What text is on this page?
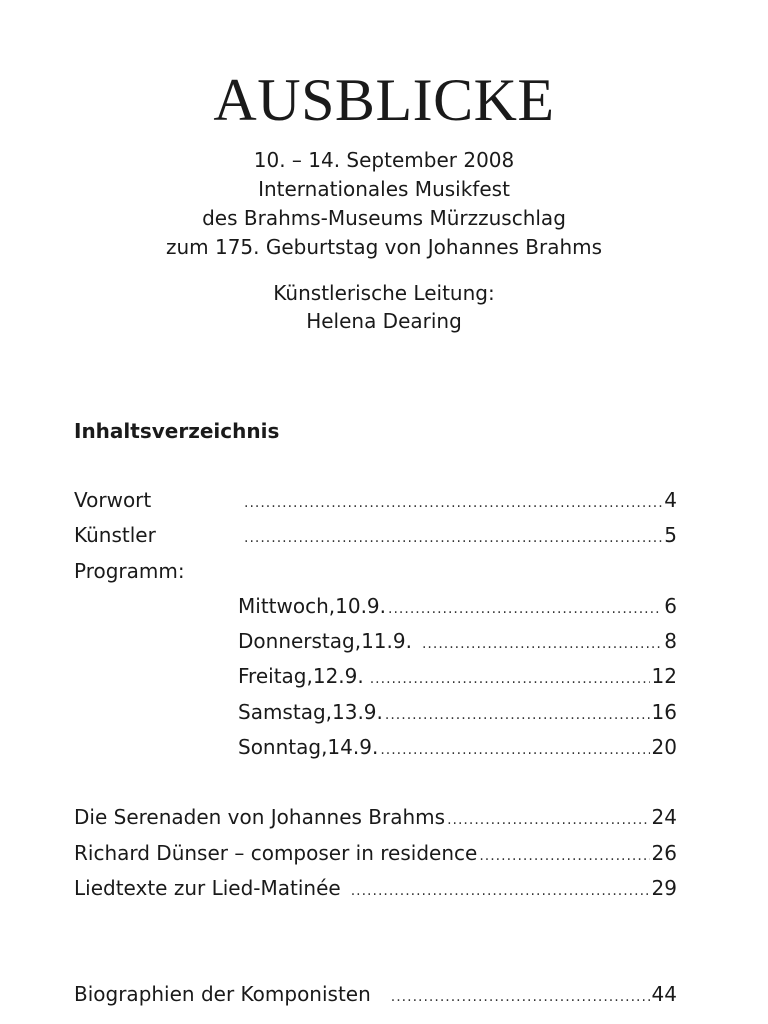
AUSBLICKE
10. – 14. September 2008
Internationales Musikfest
des Brahms-Museums Mürzzuschlag
zum 175. Geburtstag von Johannes Brahms
Künstlerische Leitung:
Helena Dearing
Inhaltsverzeichnis
Vorwort .....	4
Künstler .....	5
Programm:
Mittwoch,10.9. .....	6
Donnerstag,11.9. .....	8
Freitag,12.9. .....	12
Samstag,13.9. .....	16
Sonntag,14.9. .....	20
Die Serenaden von Johannes Brahms .....	24
Richard Dünser – composer in residence .....	26
Liedtexte zur Lied-Matinée .....	29
Biographien der Komponisten .....	44
